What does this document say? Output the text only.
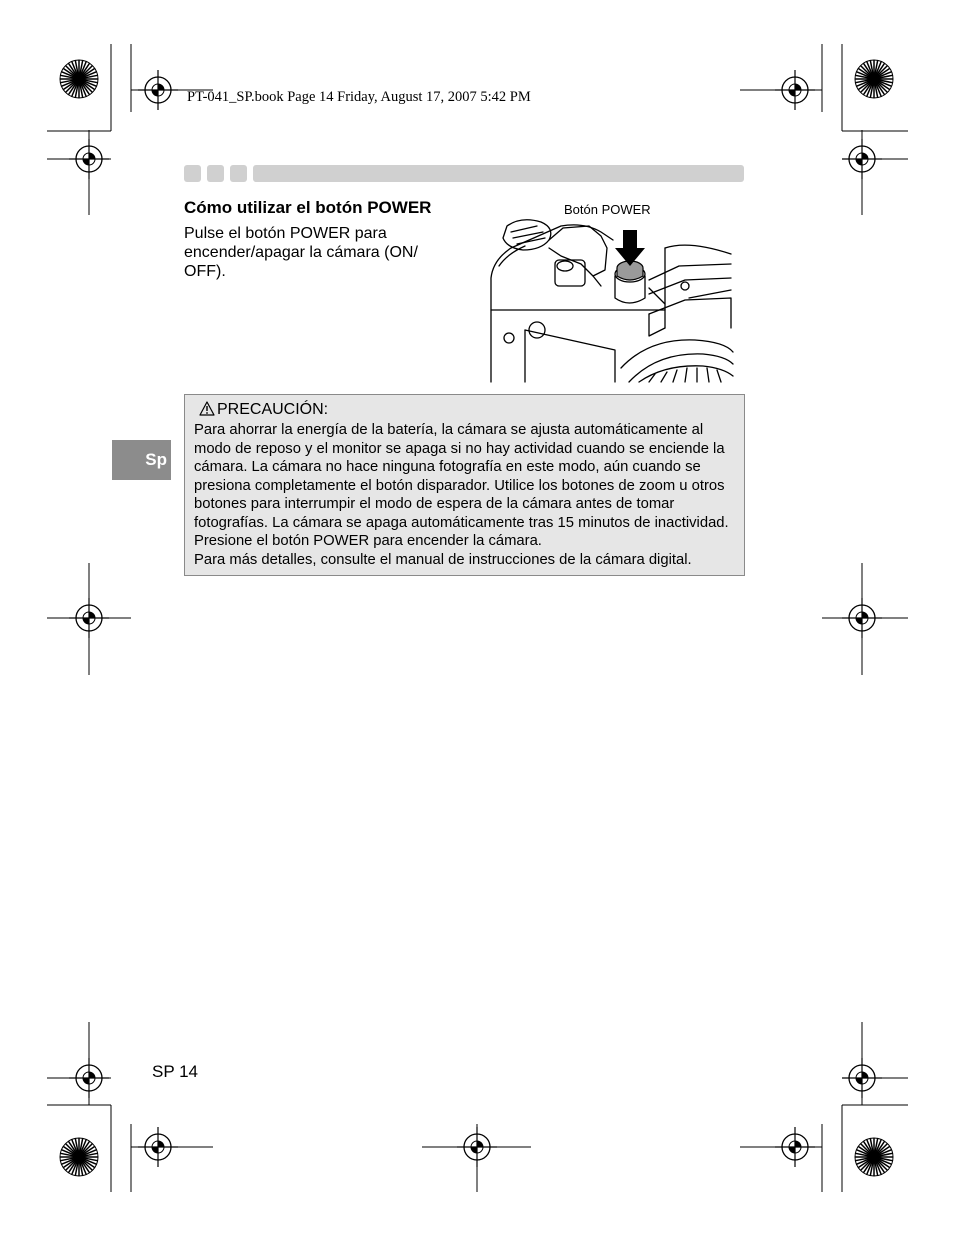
PT-041_SP.book Page 14 Friday, August 17, 2007 5:42 PM
Cómo utilizar el botón POWER
Pulse el botón POWER para encender/apagar la cámara (ON/ OFF).
Botón POWER
PRECAUCIÓN:

Para ahorrar la energía de la batería, la cámara se ajusta automáticamente al modo de reposo y el monitor se apaga si no hay actividad cuando se enciende la cámara. La cámara no hace ninguna fotografía en este modo, aún cuando se presiona completamente el botón disparador. Utilice los botones de zoom u otros botones para interrumpir el modo de espera de la cámara antes de tomar fotografías. La cámara se apaga automáticamente tras 15 minutos de inactividad. Presione el botón POWER para encender la cámara.

Para más detalles, consulte el manual de instrucciones de la cámara digital.

Sp
SP 14
